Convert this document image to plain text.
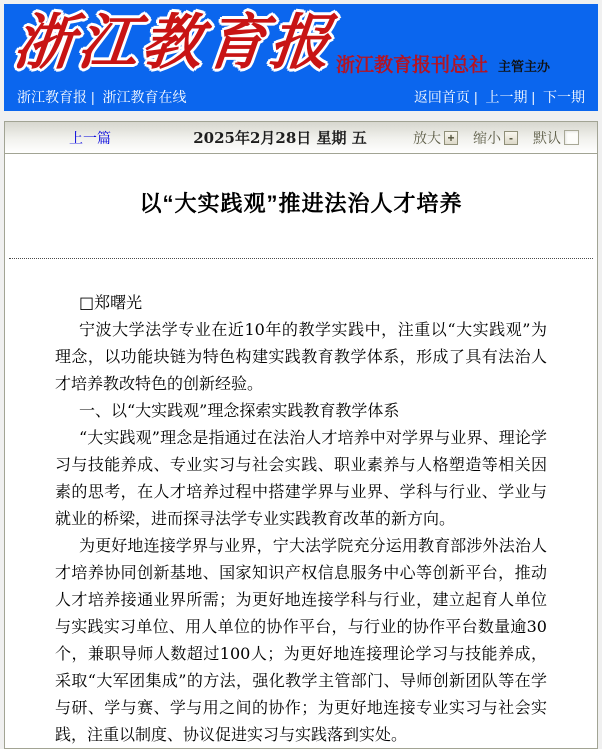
浙江教育报
浙江教育报刊总社 主管主办
浙江教育报	| 浙江教育在线	返回首页	| 上一期	| 下一期
上一篇	2025年2月28日 星期 五	放大 + 缩小 -	默认
以“大实践观”推进法治人才培养

□郑曙光

宁波大学法学专业在近10年的教学实践中，注重以“大实践观”为理念，以功能块链为特色构建实践教育教学体系，形成了具有法治人才培养教改特色的创新经验。

一、以“大实践观”理念探索实践教育教学体系

“大实践观”理念是指通过在法治人才培养中对学界与业界、理论学习与技能养成、专业实习与社会实践、职业素养与人格塑造等相关因素的思考，在人才培养过程中搭建学界与业界、学科与行业、学业与就业的桥梁，进而探寻法学专业实践教育改革的新方向。

为更好地连接学界与业界，宁大法学院充分运用教育部涉外法治人才培养协同创新基地、国家知识产权信息服务中心等创新平台，推动人才培养接通业界所需；为更好地连接学科与行业，建立起育人单位与实践实习单位、用人单位的协作平台，与行业的协作平台数量逾30个，兼职导师人数超过100人；为更好地连接理论学习与技能养成，采取“大军团集成”的方法，强化教学主管部门、导师创新团队等在学与研、学与赛、学与用之间的协作；为更好地连接专业实习与社会实践，注重以制度、协议促进实习与实践落到实处。
